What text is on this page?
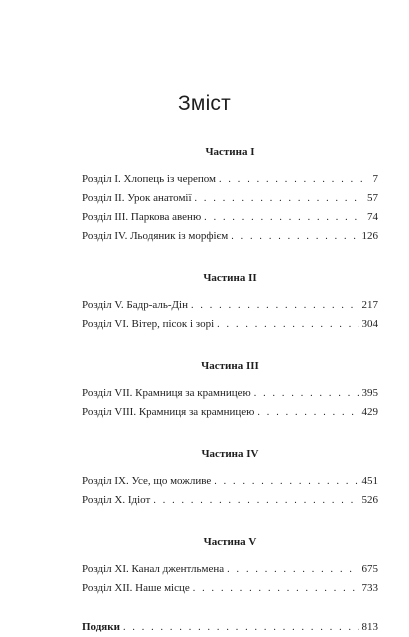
Зміст
Частина I
Розділ I. Хлопець із черепом . . .	7
Розділ II. Урок анатомії . . .	57
Розділ III. Паркова авеню . . .	74
Розділ IV. Льодяник із морфієм . . .	126
Частина II
Розділ V. Бадр-аль-Дін . . .	217
Розділ VI. Вітер, пісок і зорі . . .	304
Частина III
Розділ VII. Крамниця за крамницею . . .	395
Розділ VIII. Крамниця за крамницею . . .	429
Частина IV
Розділ IX. Усе, що можливе . . .	451
Розділ X. Ідіот . . .	526
Частина V
Розділ XI. Канал джентльмена . . .	675
Розділ XII. Наше місце . . .	733
Подяки . . .	813
